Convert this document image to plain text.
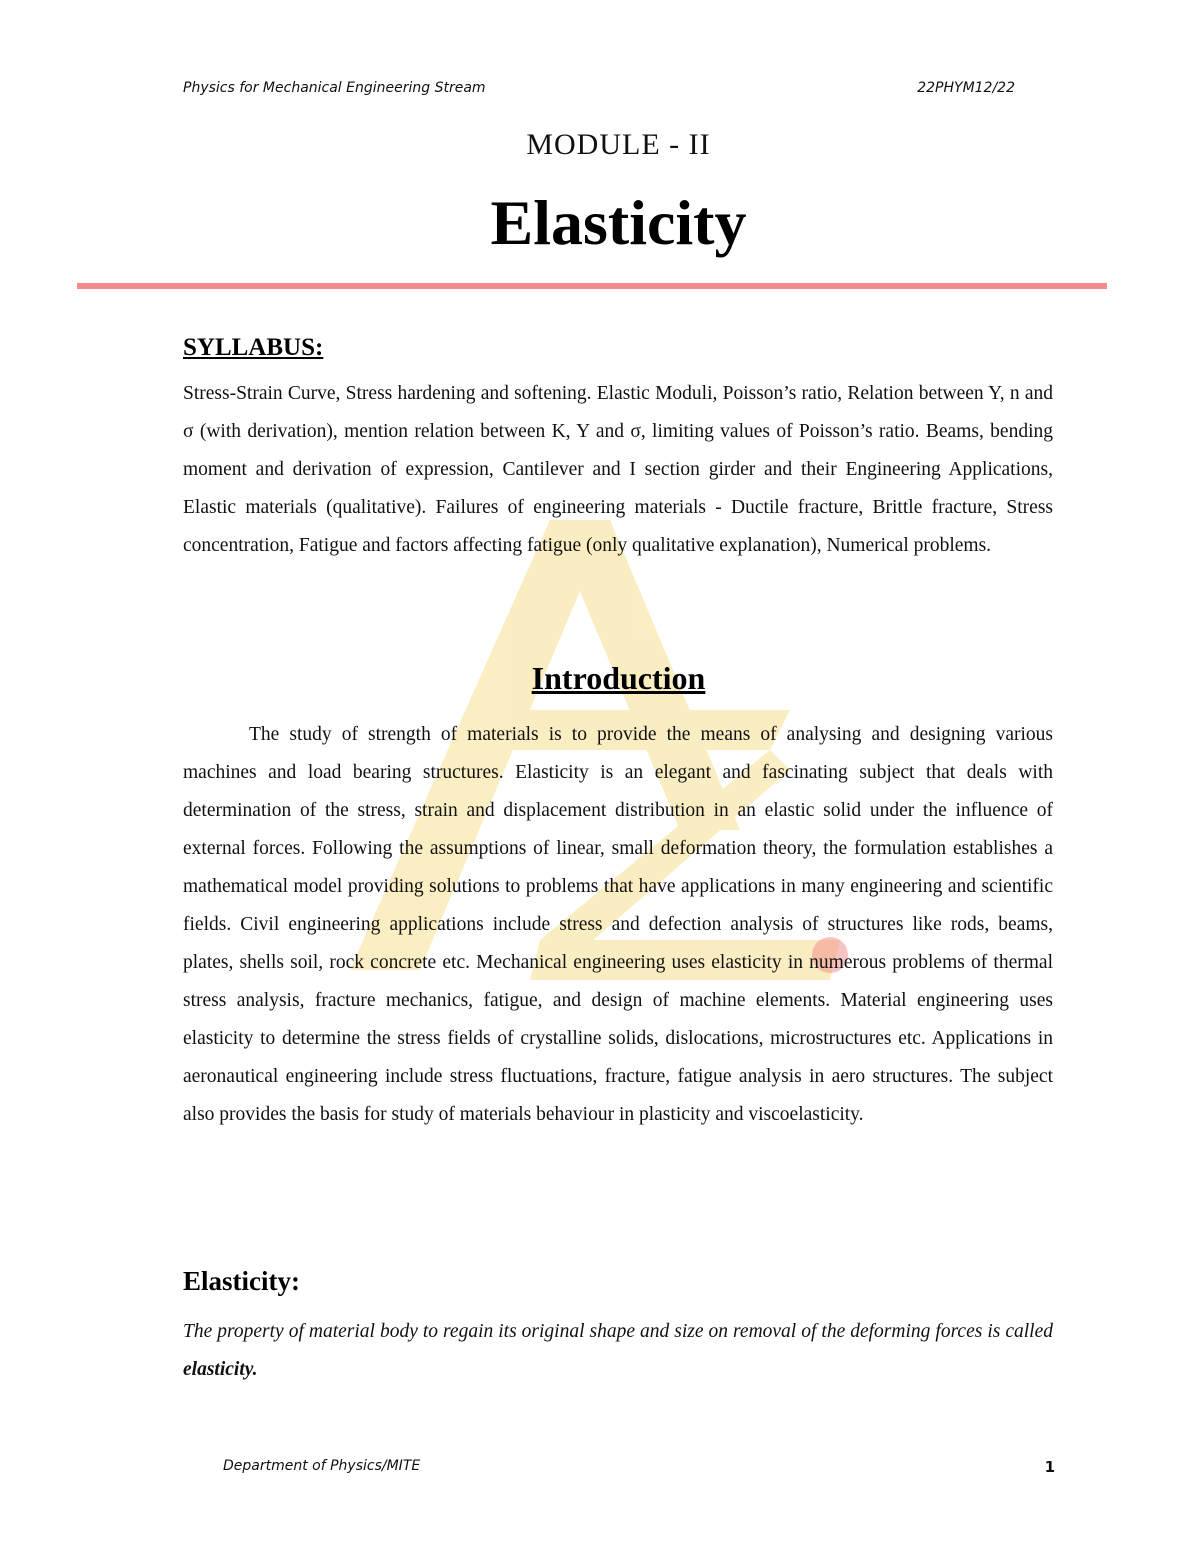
Physics for Mechanical Engineering Stream	22PHYM12/22
MODULE - II
Elasticity
SYLLABUS:
Stress-Strain Curve, Stress hardening and softening. Elastic Moduli, Poisson’s ratio, Relation between Y, n and σ (with derivation), mention relation between K, Y and σ, limiting values of Poisson’s ratio. Beams, bending moment and derivation of expression, Cantilever and I section girder and their Engineering Applications, Elastic materials (qualitative). Failures of engineering materials - Ductile fracture, Brittle fracture, Stress concentration, Fatigue and factors affecting fatigue (only qualitative explanation), Numerical problems.
Introduction
The study of strength of materials is to provide the means of analysing and designing various machines and load bearing structures. Elasticity is an elegant and fascinating subject that deals with determination of the stress, strain and displacement distribution in an elastic solid under the influence of external forces. Following the assumptions of linear, small deformation theory, the formulation establishes a mathematical model providing solutions to problems that have applications in many engineering and scientific fields. Civil engineering applications include stress and defection analysis of structures like rods, beams, plates, shells soil, rock concrete etc. Mechanical engineering uses elasticity in numerous problems of thermal stress analysis, fracture mechanics, fatigue, and design of machine elements. Material engineering uses elasticity to determine the stress fields of crystalline solids, dislocations, microstructures etc. Applications in aeronautical engineering include stress fluctuations, fracture, fatigue analysis in aero structures. The subject also provides the basis for study of materials behaviour in plasticity and viscoelasticity.
Elasticity:
The property of material body to regain its original shape and size on removal of the deforming forces is called elasticity.
Department of Physics/MITE	1
